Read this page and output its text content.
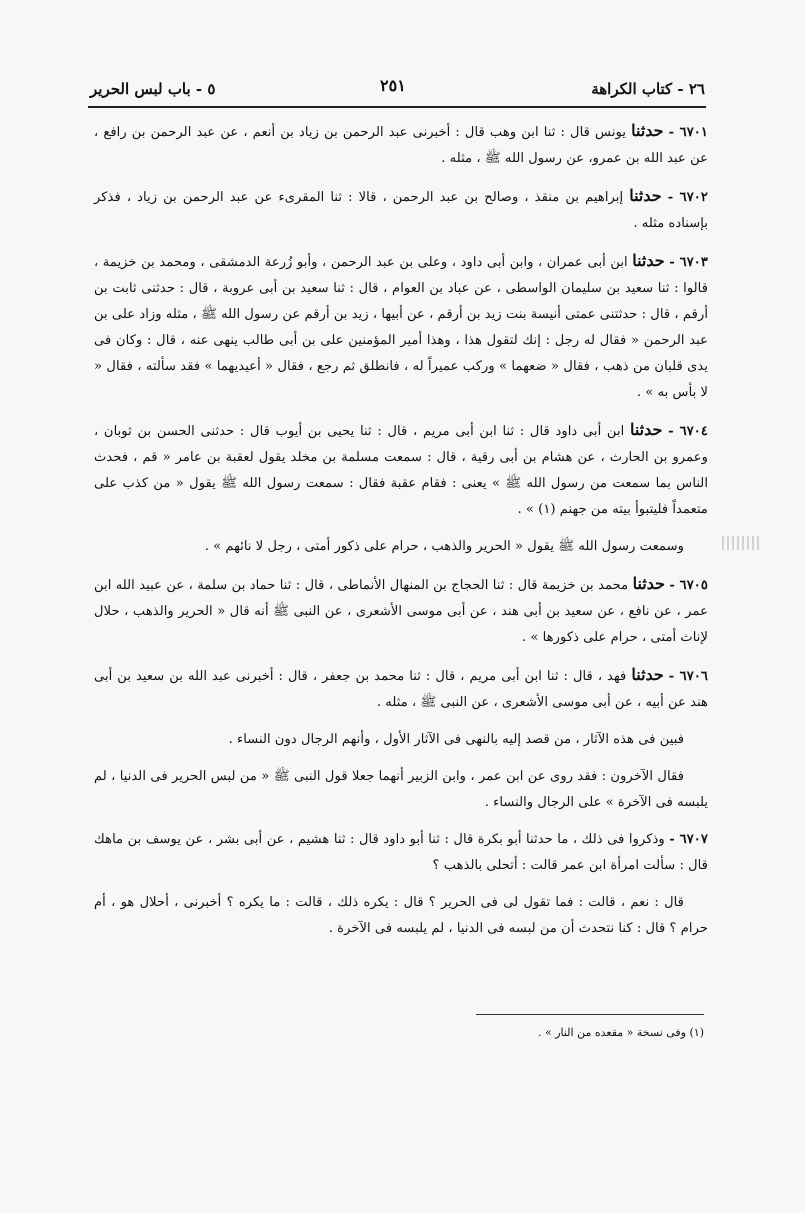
٢٦ - كتاب الكراهة
٢٥١
٥ - باب لبس الحرير

٦٧٠١ - حدثنا يونس قال : ثنا ابن وهب قال : أخبرنى عبد الرحمن بن زياد بن أنعم ، عن عبد الرحمن بن رافع ، عن عبد الله بن عمرو، عن رسول الله ﷺ ، مثله .

٦٧٠٢ - حدثنا إبراهيم بن منقذ ، وصالح بن عبد الرحمن ، قالا : ثنا المقرىء عن عبد الرحمن بن زياد ، فذكر بإسناده مثله .

٦٧٠٣ - حدثنا ابن أبى عمران ، وابن أبى داود ، وعلى بن عبد الرحمن ، وأبو زُرعة الدمشقى ، ومحمد بن خزيمة ، قالوا : ثنا سعيد بن سليمان الواسطى ، عن عباد بن العوام ، قال : ثنا سعيد بن أبى عروبة ، قال : حدثنى ثابت بن أرقم ، قال : حدثتنى عمتى أنيسة بنت زيد بن أرقم ، عن أبيها ، زيد بن أرقم عن رسول الله ﷺ ، مثله وزاد على بن عبد الرحمن « فقال له رجل : إنك لتقول هذا ، وهذا أمير المؤمنين على بن أبى طالب ينهى عنه ، قال : وكان فى يدى قلبان من ذهب ، فقال « ضعهما » وركب عميراً له ، فانطلق ثم رجع ، فقال « أعيديهما » فقد سألته ، فقال « لا بأس به » .

٦٧٠٤ - حدثنا ابن أبى داود قال : ثنا ابن أبى مريم ، قال : ثنا يحيى بن أيوب قال : حدثنى الحسن بن ثوبان ، وعمرو بن الحارث ، عن هشام بن أبى رقية ، قال : سمعت مسلمة بن مخلد يقول لعقبة بن عامر « قم ، فحدث الناس بما سمعت من رسول الله ﷺ » يعنى : فقام عقبة فقال : سمعت رسول الله ﷺ يقول « من كذب على متعمداً فليتبوأ بيته من جهنم (١) » .

وسمعت رسول الله ﷺ يقول « الحرير والذهب ، حرام على ذكور أمتى ، رجل لا نائهم » .

٦٧٠٥ - حدثنا محمد بن خزيمة قال : ثنا الحجاج بن المنهال الأنماطى ، قال : ثنا حماد بن سلمة ، عن عبيد الله ابن عمر ، عن نافع ، عن سعيد بن أبى هند ، عن أبى موسى الأشعرى ، عن النبى ﷺ أنه قال « الحرير والذهب ، حلال لإناث أمتى ، حرام على ذكورها » .

٦٧٠٦ - حدثنا فهد ، قال : ثنا ابن أبى مريم ، قال : ثنا محمد بن جعفر ، قال : أخبرنى عبد الله بن سعيد بن أبى هند عن أبيه ، عن أبى موسى الأشعرى ، عن النبى ﷺ ، مثله .

فبين فى هذه الآثار ، من قصد إليه بالنهى فى الآثار الأول ، وأنهم الرجال دون النساء .

فقال الآخرون : فقد روى عن ابن عمر ، وابن الزبير أنهما جعلا قول النبى ﷺ « من لبس الحرير فى الدنيا ، لم يلبسه فى الآخرة » على الرجال والنساء .

٦٧٠٧ - وذكروا فى ذلك ، ما حدثنا أبو بكرة قال : ثنا أبو داود قال : ثنا هشيم ، عن أبى بشر ، عن يوسف بن ماهك قال : سألت امرأة ابن عمر قالت : أتحلى بالذهب ؟

قال : نعم ، قالت : فما تقول لى فى الحرير ؟ قال : يكره ذلك ، قالت : ما يكره ؟ أخبرنى ، أحلال هو ، أم حرام ؟ قال : كنا نتحدث أن من لبسه فى الدنيا ، لم يلبسه فى الآخرة .

(١) وفى نسخة « مقعده من النار » .
